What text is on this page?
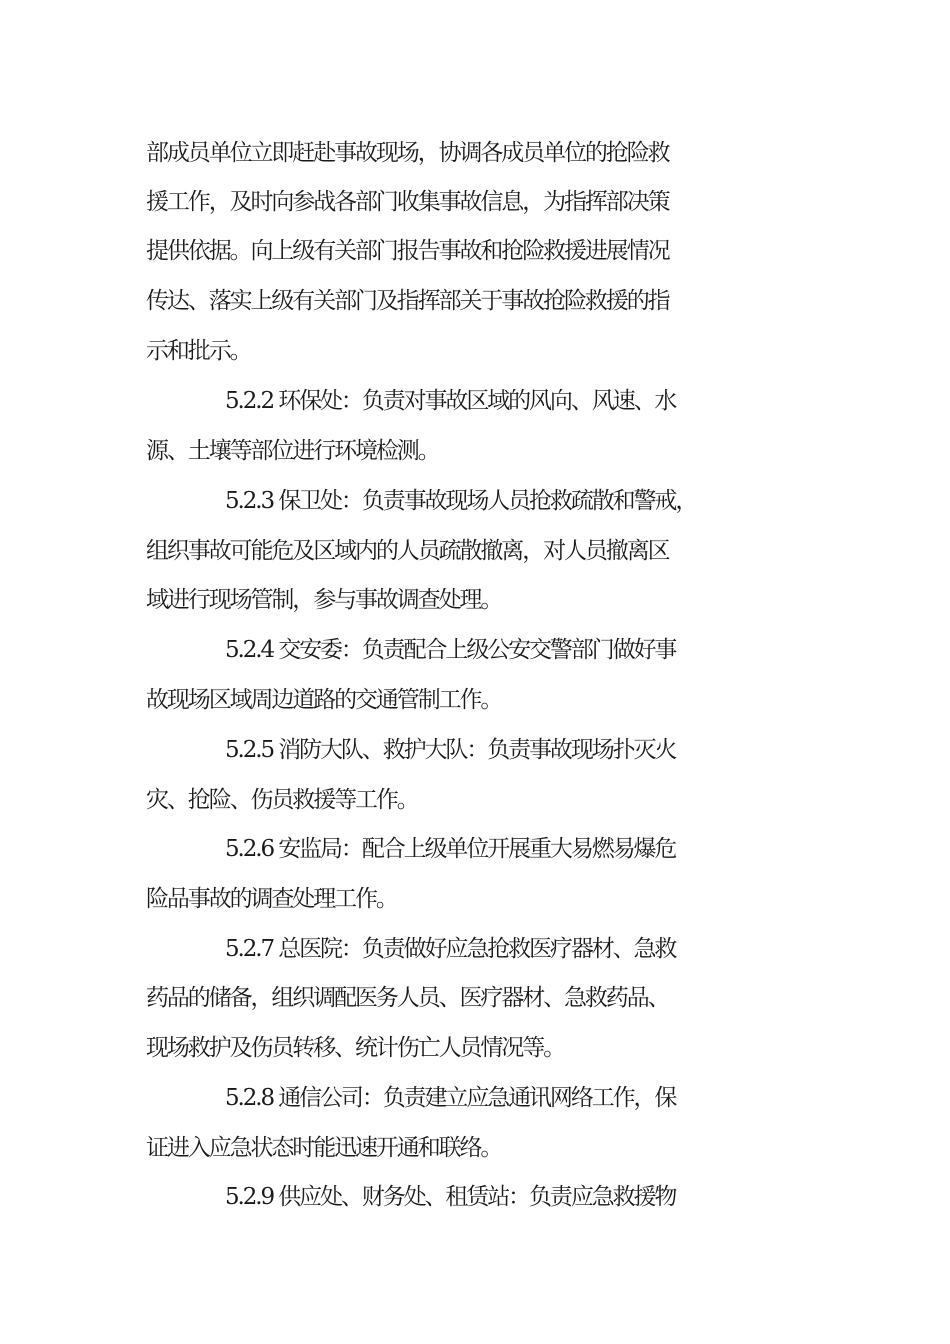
部成员单位立即赶赴事故现场，协调各成员单位的抢险救
援工作，及时向参战各部门收集事故信息，为指挥部决策
提供依据。向上级有关部门报告事故和抢险救援进展情况
传达、落实上级有关部门及指挥部关于事故抢险救援的指
示和批示。
5.2.2 环保处：负责对事故区域的风向、风速、水
源、土壤等部位进行环境检测。
5.2.3 保卫处：负责事故现场人员抢救疏散和警戒，
组织事故可能危及区域内的人员疏散撤离，对人员撤离区
域进行现场管制，参与事故调查处理。
5.2.4 交安委：负责配合上级公安交警部门做好事
故现场区域周边道路的交通管制工作。
5.2.5 消防大队、救护大队：负责事故现场扑灭火
灾、抢险、伤员救援等工作。
5.2.6 安监局：配合上级单位开展重大易燃易爆危
险品事故的调查处理工作。
5.2.7 总医院：负责做好应急抢救医疗器材、急救
药品的储备，组织调配医务人员、医疗器材、急救药品、
现场救护及伤员转移、统计伤亡人员情况等。
5.2.8 通信公司：负责建立应急通讯网络工作，保
证进入应急状态时能迅速开通和联络。
5.2.9 供应处、财务处、租赁站：负责应急救援物
